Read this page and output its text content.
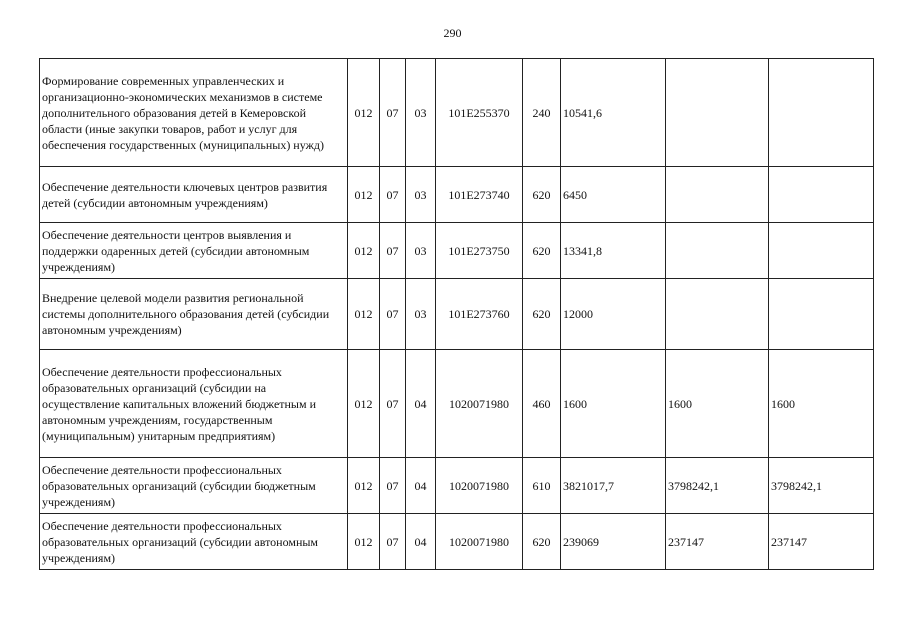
290
Формирование современных управленческих и организационно-экономических механизмов в системе дополнительного образования детей в Кемеровской области (иные закупки товаров, работ и услуг для обеспечения государственных (муниципальных) нужд)	012	07	03	101E255370	240	10541,6		
Обеспечение деятельности ключевых центров развития детей (субсидии автономным учреждениям)	012	07	03	101E273740	620	6450		
Обеспечение деятельности центров выявления и поддержки одаренных детей (субсидии автономным учреждениям)	012	07	03	101E273750	620	13341,8		
Внедрение целевой модели развития региональной системы дополнительного образования детей (субсидии автономным учреждениям)	012	07	03	101E273760	620	12000		
Обеспечение деятельности профессиональных образовательных организаций (субсидии на осуществление капитальных вложений бюджетным и автономным учреждениям, государственным (муниципальным) унитарным предприятиям)	012	07	04	1020071980	460	1600	1600	1600
Обеспечение деятельности профессиональных образовательных организаций (субсидии бюджетным учреждениям)	012	07	04	1020071980	610	3821017,7	3798242,1	3798242,1
Обеспечение деятельности профессиональных образовательных организаций (субсидии автономным учреждениям)	012	07	04	1020071980	620	239069	237147	237147
